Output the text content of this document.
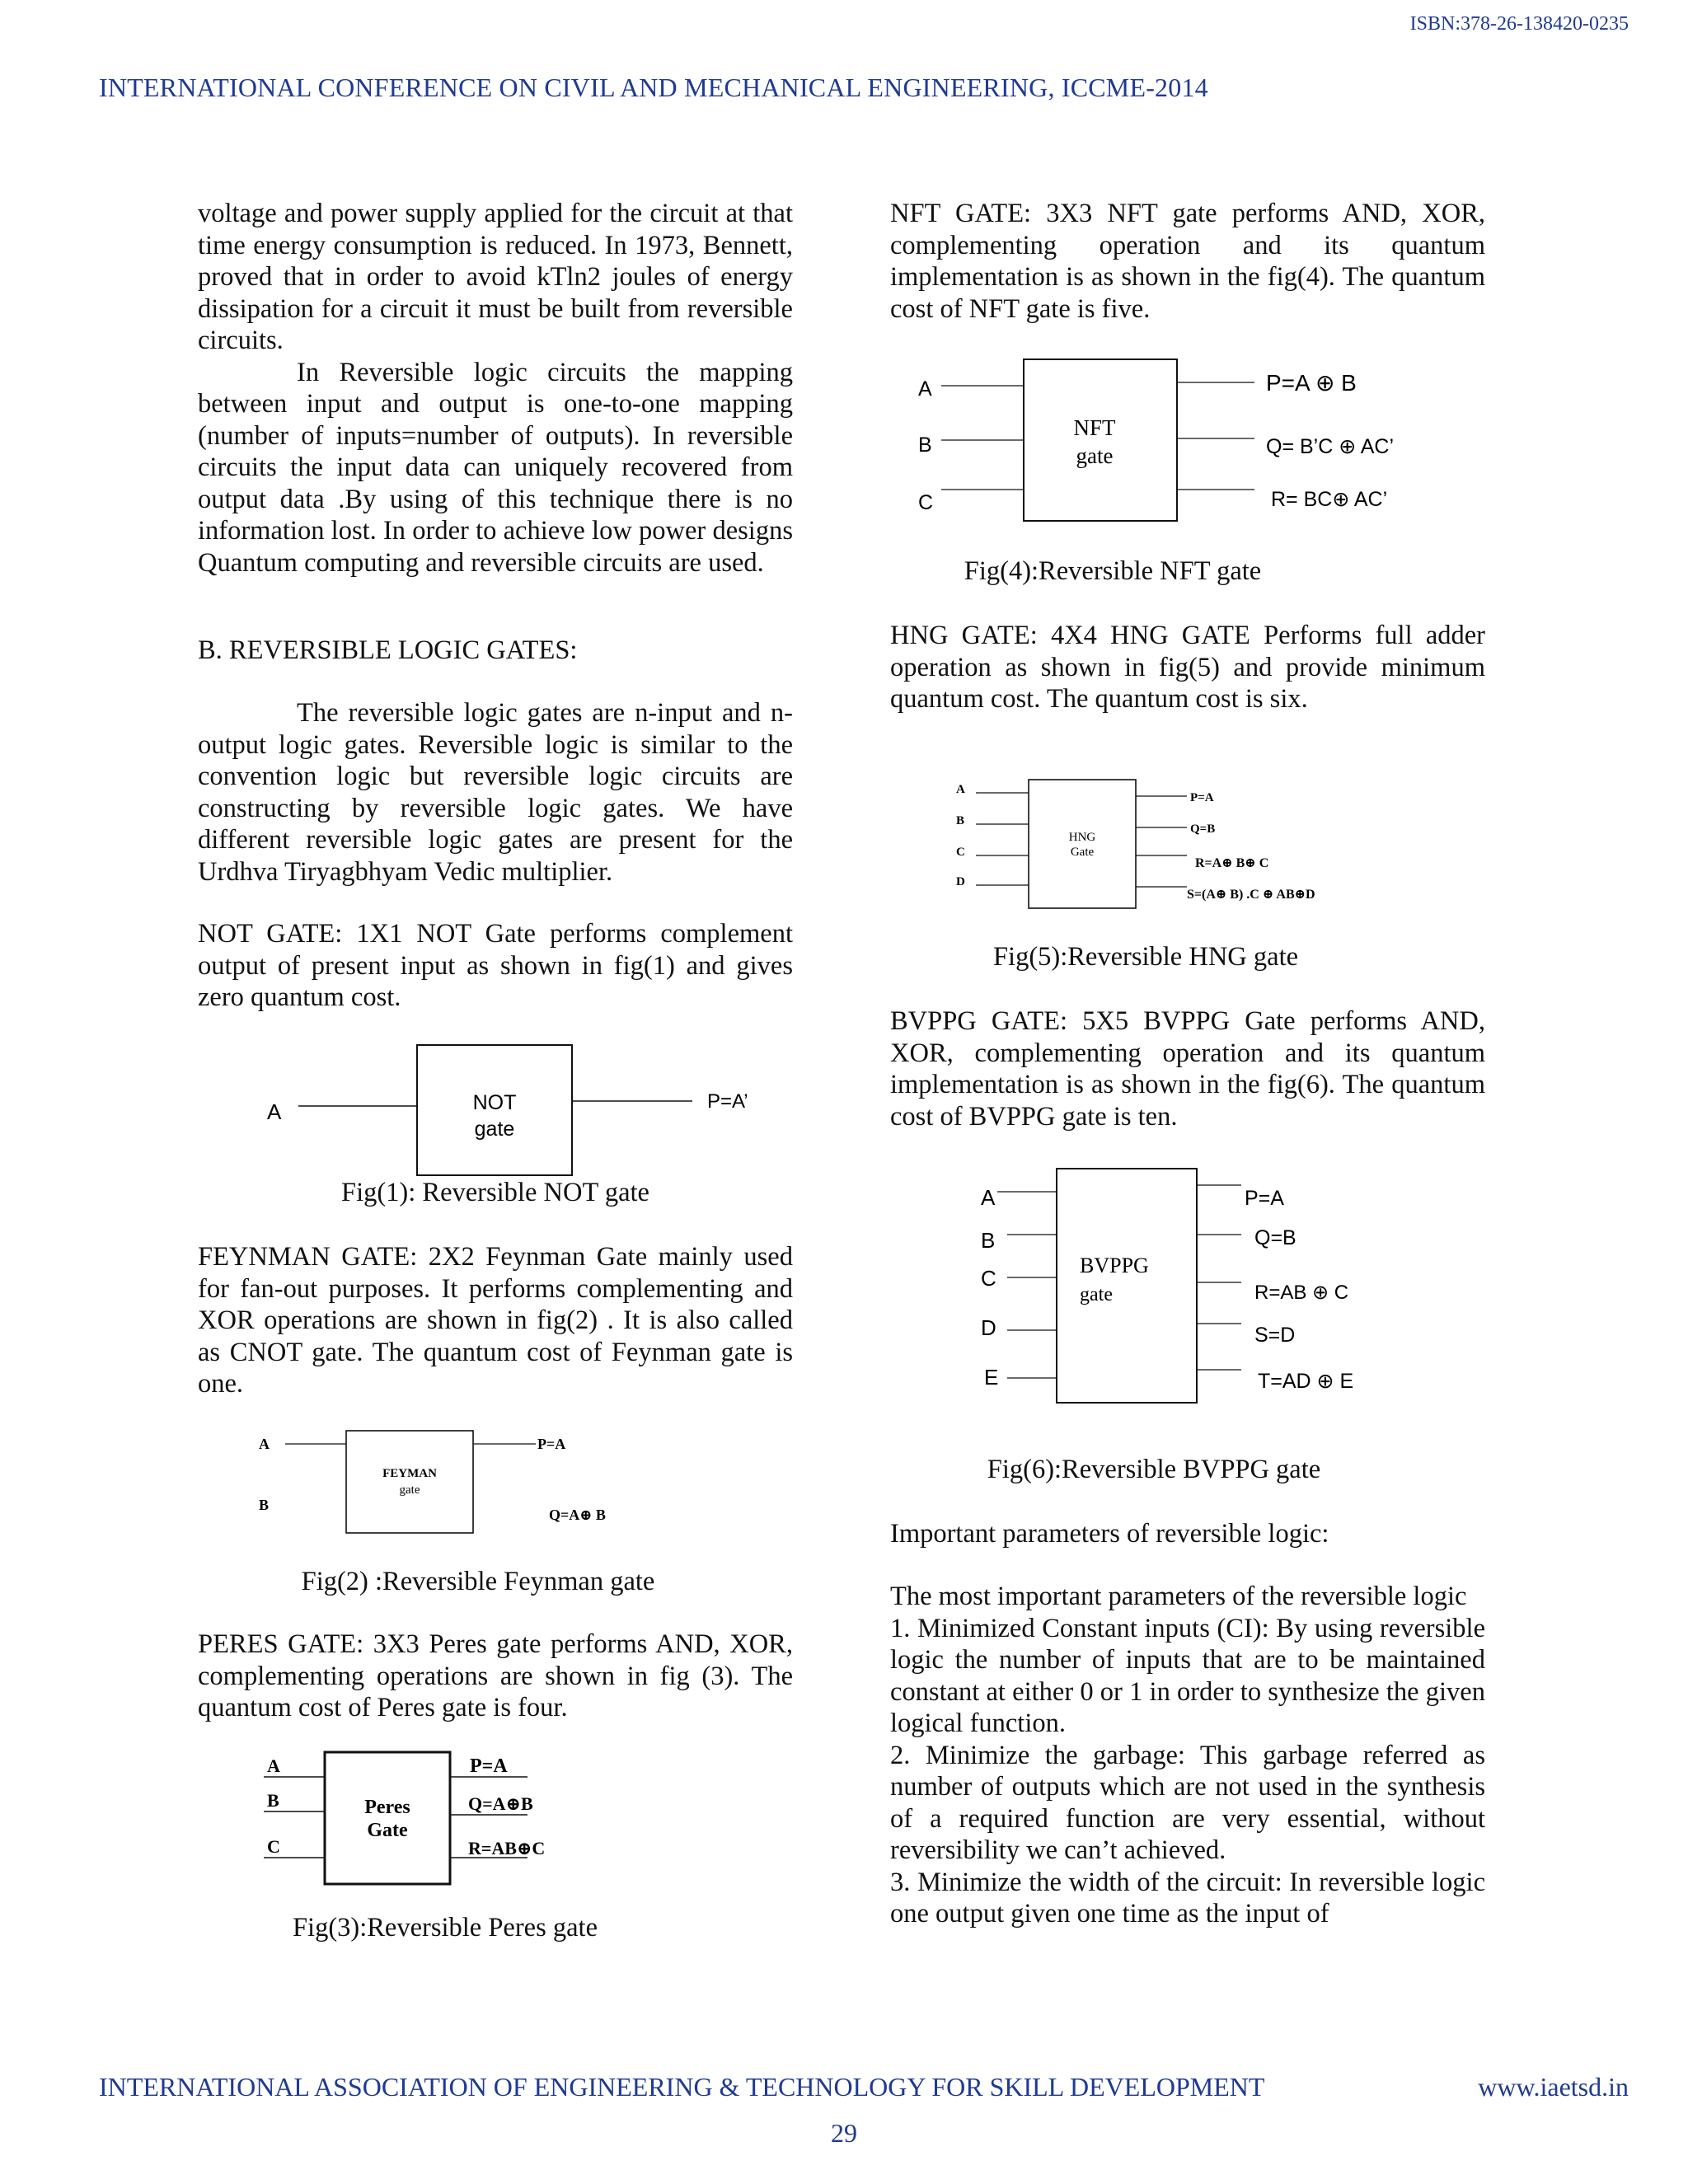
ISBN:378-26-138420-0235
INTERNATIONAL CONFERENCE ON CIVIL AND MECHANICAL ENGINEERING, ICCME-2014

voltage and power supply applied for the circuit at that time energy consumption is reduced. In 1973, Bennett, proved that in order to avoid kTln2 joules of energy dissipation for a circuit it must be built from reversible circuits.

In Reversible logic circuits the mapping between input and output is one-to-one mapping (number of inputs=number of outputs). In reversible circuits the input data can uniquely recovered from output data .By using of this technique there is no information lost. In order to achieve low power designs Quantum computing and reversible circuits are used.

B. REVERSIBLE LOGIC GATES:

The reversible logic gates are n-input and n-output logic gates. Reversible logic is similar to the convention logic but reversible logic circuits are constructing by reversible logic gates. We have different reversible logic gates are present for the Urdhva Tiryagbhyam Vedic multiplier.

NOT GATE: 1X1 NOT Gate performs complement output of present input as shown in fig(1) and gives zero quantum cost.
A	NOT
gate
P=A’
Fig(1): Reversible NOT gate
FEYNMAN GATE: 2X2 Feynman Gate mainly used for fan-out purposes. It performs complementing and XOR operations are shown in fig(2) . It is also called as CNOT gate. The quantum cost of Feynman gate is one.
A
B
FEYMAN
gate
P=A
Q=A⊕ B
Fig(2) :Reversible Feynman gate
PERES GATE: 3X3 Peres gate performs AND, XOR, complementing operations are shown in fig (3). The quantum cost of Peres gate is four.
A
B
C
Peres
Gate
P=A
Q=A⊕B
R=AB⊕C
Fig(3):Reversible Peres gate
NFT GATE: 3X3 NFT gate performs AND, XOR, complementing operation and its quantum implementation is as shown in the fig(4). The quantum cost of NFT gate is five.
A
B
C
NFT
gate
P=A ⊕ B
Q= B’C ⊕ AC’
R= BC⊕ AC’
Fig(4):Reversible NFT gate
HNG GATE: 4X4 HNG GATE Performs full adder operation as shown in fig(5) and provide minimum quantum cost. The quantum cost is six.
A
B
C
D
HNG
Gate
P=A
Q=B
R=A⊕ B⊕ C
S=(A⊕ B) .C ⊕ AB⊕D
Fig(5):Reversible HNG gate
BVPPG GATE: 5X5 BVPPG Gate performs AND, XOR, complementing operation and its quantum implementation is as shown in the fig(6). The quantum cost of BVPPG gate is ten.
A
B
C
D
E
BVPPG
gate
P=A
Q=B
R=AB ⊕ C
S=D
T=AD ⊕ E
Fig(6):Reversible BVPPG gate
Important parameters of reversible logic:

The most important parameters of the reversible logic

1. Minimized Constant inputs (CI): By using reversible logic the number of inputs that are to be maintained constant at either 0 or 1 in order to synthesize the given logical function.

2. Minimize the garbage: This garbage referred as number of outputs which are not used in the synthesis of a required function are very essential, without reversibility we can’t achieved.

3. Minimize the width of the circuit: In reversible logic one output given one time as the input of

INTERNATIONAL ASSOCIATION OF ENGINEERING & TECHNOLOGY FOR SKILL DEVELOPMENT	www.iaetsd.in
29
